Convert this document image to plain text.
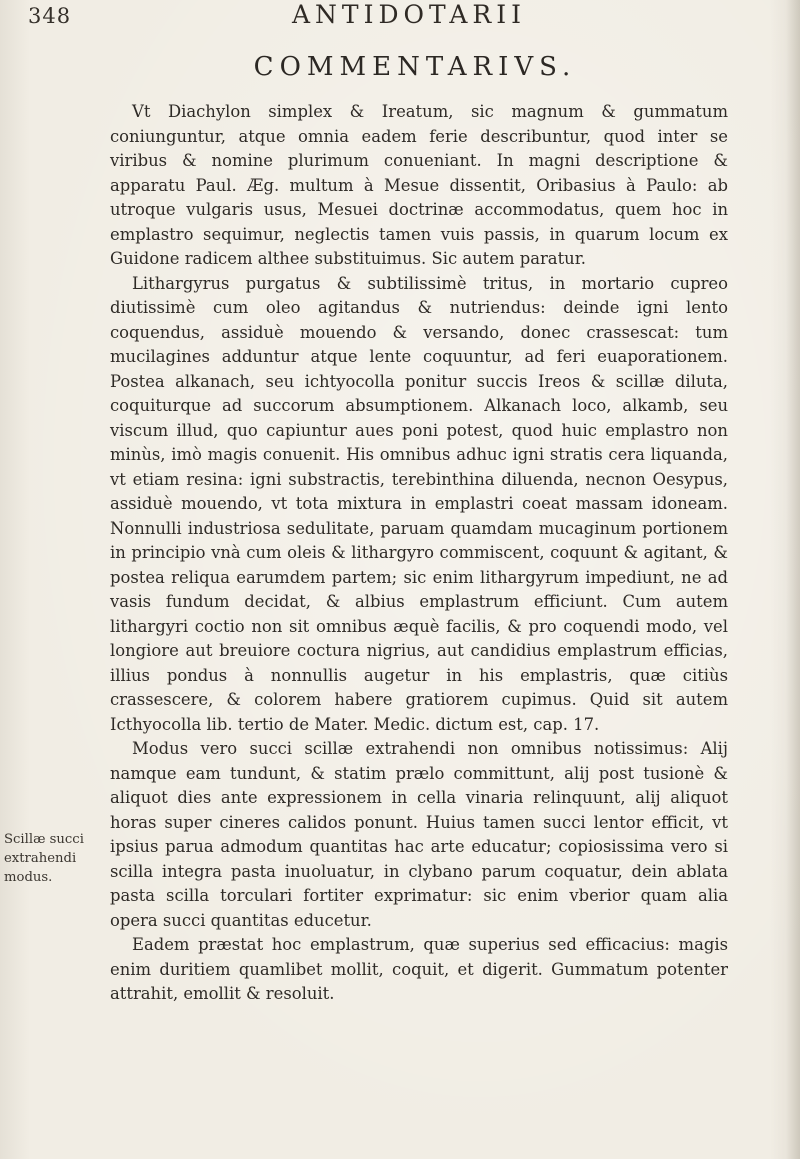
348	ANTIDOTARII
COMMENTARIVS.

Vt Diachylon simplex & Ireatum, sic magnum & gummatum coniunguntur, atque omnia eadem ferie describuntur, quod inter se viribus & nomine plurimum conueniant. In magni descriptione & apparatu Paul. Æg. multum à Mesue dissentit, Oribasius à Paulo: ab utroque vulgaris usus, Mesuei doctrinæ accommodatus, quem hoc in emplastro sequimur, neglectis tamen vuis passis, in quarum locum ex Guidone radicem althee substituimus. Sic autem paratur.

Lithargyrus purgatus & subtilissimè tritus, in mortario cupreo diutissimè cum oleo agitandus & nutriendus: deinde igni lento coquendus, assiduè mouendo & versando, donec crassescat: tum mucilagines adduntur atque lente coquuntur, ad feri euaporationem. Postea alkanach, seu ichtyocolla ponitur succis Ireos & scillæ diluta, coquiturque ad succorum absumptionem. Alkanach loco, alkamb, seu viscum illud, quo capiuntur aues poni potest, quod huic emplastro non minùs, imò magis conuenit. His omnibus adhuc igni stratis cera liquanda, vt etiam resina: igni substractis, terebinthina diluenda, necnon Oesypus, assiduè mouendo, vt tota mixtura in emplastri coeat massam idoneam. Nonnulli industriosa sedulitate, paruam quamdam mucaginum portionem in principio vnà cum oleis & lithargyro commiscent, coquunt & agitant, & postea reliqua earumdem partem; sic enim lithargyrum impediunt, ne ad vasis fundum decidat, & albius emplastrum efficiunt. Cum autem lithargyri coctio non sit omnibus æquè facilis, & pro coquendi modo, vel longiore aut breuiore coctura nigrius, aut candidius emplastrum efficias, illius pondus à nonnullis augetur in his emplastris, quæ citiùs crassescere, & colorem habere gratiorem cupimus. Quid sit autem Icthyocolla lib. tertio de Mater. Medic. dictum est, cap. 17.

Modus vero succi scillæ extrahendi non omnibus notissimus: Alij namque eam tundunt, & statim prælo committunt, alij post tusionè & aliquot dies ante expressionem in cella vinaria relinquunt, alij aliquot horas super cineres calidos ponunt. Huius tamen succi lentor efficit, vt ipsius parua admodum quantitas hac arte educatur; copiosissima vero si scilla integra pasta inuoluatur, in clybano parum coquatur, dein ablata pasta scilla torculari fortiter exprimatur: sic enim vberior quam alia opera succi quantitas educetur.

Eadem præstat hoc emplastrum, quæ superius sed efficacius: magis enim duritiem quamlibet mollit, coquit, et digerit. Gummatum potenter attrahit, emollit & resoluit.

Scillæ succi extrahendi modus.
